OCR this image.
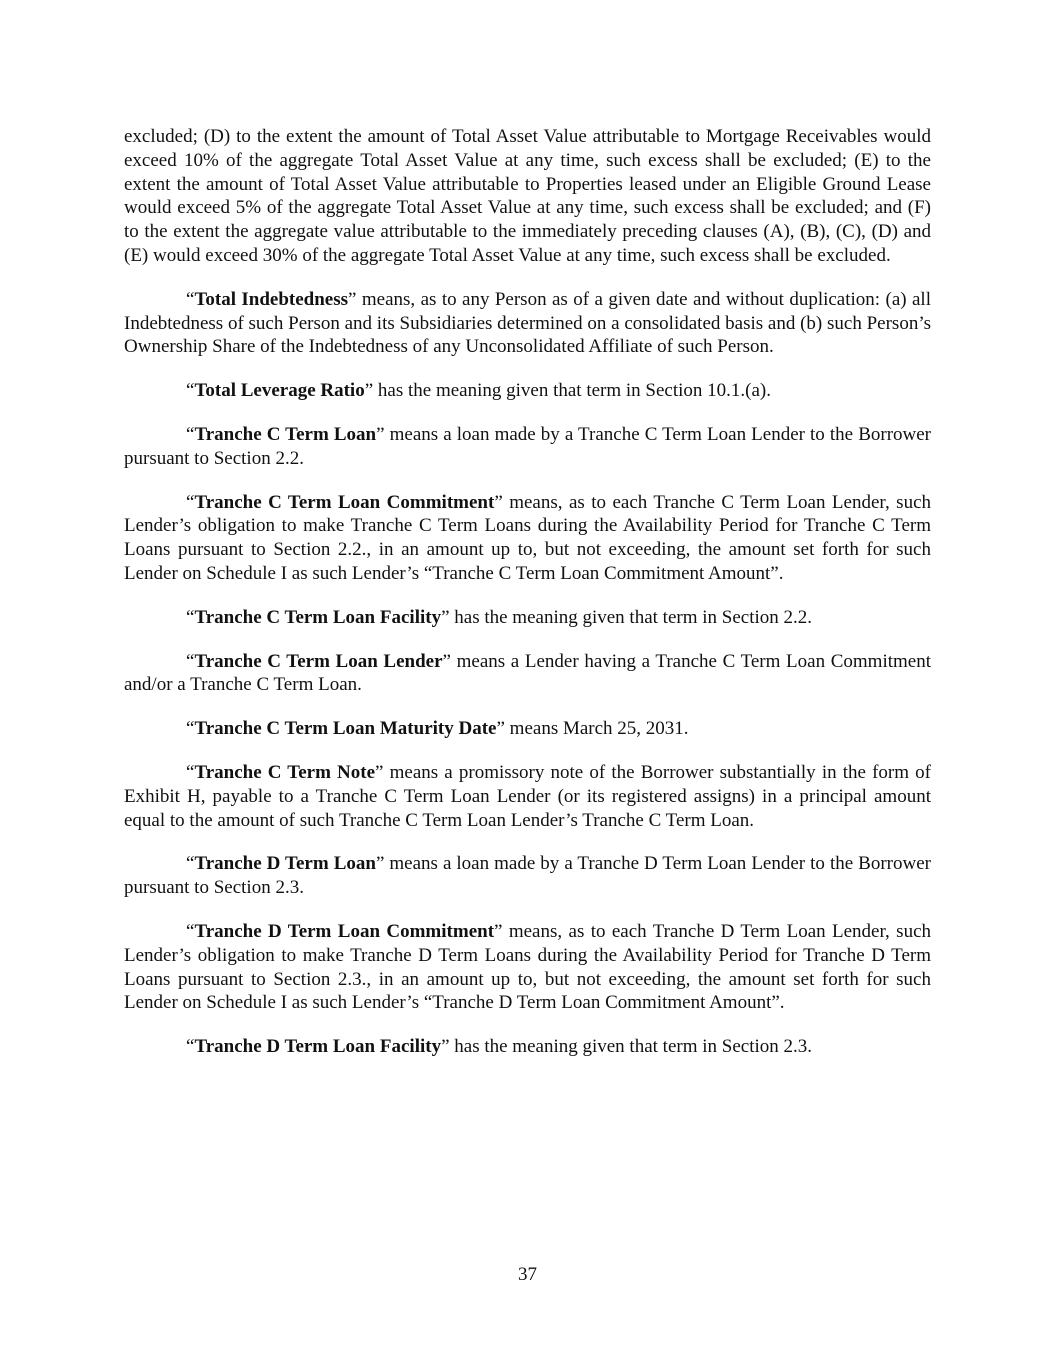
excluded; (D) to the extent the amount of Total Asset Value attributable to Mortgage Receivables would exceed 10% of the aggregate Total Asset Value at any time, such excess shall be excluded; (E) to the extent the amount of Total Asset Value attributable to Properties leased under an Eligible Ground Lease would exceed 5% of the aggregate Total Asset Value at any time, such excess shall be excluded; and (F) to the extent the aggregate value attributable to the immediately preceding clauses (A), (B), (C), (D) and (E) would exceed 30% of the aggregate Total Asset Value at any time, such excess shall be excluded.

“Total Indebtedness” means, as to any Person as of a given date and without duplication: (a) all Indebtedness of such Person and its Subsidiaries determined on a consolidated basis and (b) such Person’s Ownership Share of the Indebtedness of any Unconsolidated Affiliate of such Person.

“Total Leverage Ratio” has the meaning given that term in Section 10.1.(a).

“Tranche C Term Loan” means a loan made by a Tranche C Term Loan Lender to the Borrower pursuant to Section 2.2.

“Tranche C Term Loan Commitment” means, as to each Tranche C Term Loan Lender, such Lender’s obligation to make Tranche C Term Loans during the Availability Period for Tranche C Term Loans pursuant to Section 2.2., in an amount up to, but not exceeding, the amount set forth for such Lender on Schedule I as such Lender’s “Tranche C Term Loan Commitment Amount”.

“Tranche C Term Loan Facility” has the meaning given that term in Section 2.2.

“Tranche C Term Loan Lender” means a Lender having a Tranche C Term Loan Commitment and/or a Tranche C Term Loan.

“Tranche C Term Loan Maturity Date” means March 25, 2031.

“Tranche C Term Note” means a promissory note of the Borrower substantially in the form of Exhibit H, payable to a Tranche C Term Loan Lender (or its registered assigns) in a principal amount equal to the amount of such Tranche C Term Loan Lender’s Tranche C Term Loan.

“Tranche D Term Loan” means a loan made by a Tranche D Term Loan Lender to the Borrower pursuant to Section 2.3.

“Tranche D Term Loan Commitment” means, as to each Tranche D Term Loan Lender, such Lender’s obligation to make Tranche D Term Loans during the Availability Period for Tranche D Term Loans pursuant to Section 2.3., in an amount up to, but not exceeding, the amount set forth for such Lender on Schedule I as such Lender’s “Tranche D Term Loan Commitment Amount”.

“Tranche D Term Loan Facility” has the meaning given that term in Section 2.3.

37
